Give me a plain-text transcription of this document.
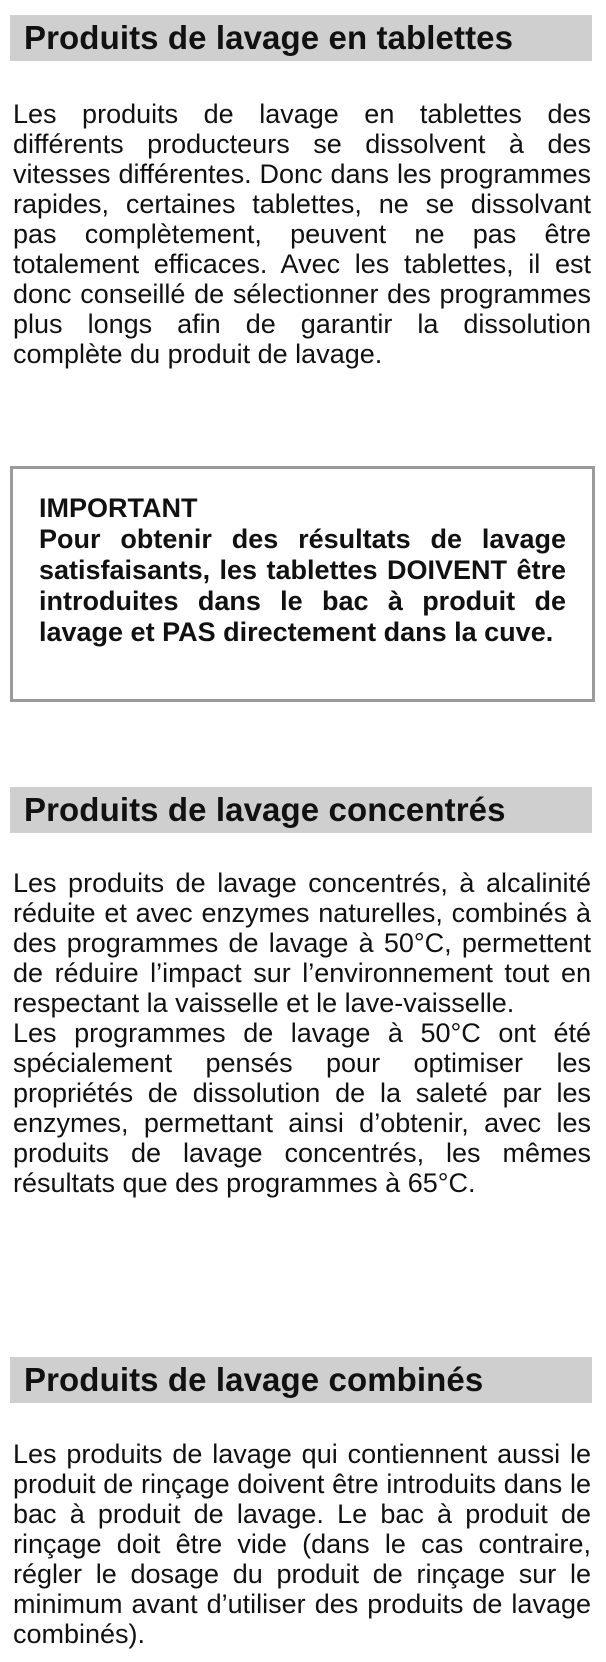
Produits de lavage en tablettes

Les produits de lavage en tablettes des différents producteurs se dissolvent à des vitesses différentes. Donc dans les programmes rapides, certaines tablettes, ne se dissolvant pas complètement, peuvent ne pas être totalement efficaces. Avec les tablettes, il est donc conseillé de sélectionner des programmes plus longs afin de garantir la dissolution complète du produit de lavage.

IMPORTANT

Pour obtenir des résultats de lavage satisfaisants, les tablettes DOIVENT être introduites dans le bac à produit de lavage et PAS directement dans la cuve.

Produits de lavage concentrés

Les produits de lavage concentrés, à alcalinité réduite et avec enzymes naturelles, combinés à des programmes de lavage à 50°C, permettent de réduire l’impact sur l’environnement tout en respectant la vaisselle et le lave-vaisselle.

Les programmes de lavage à 50°C ont été spécialement pensés pour optimiser les propriétés de dissolution de la saleté par les enzymes, permettant ainsi d’obtenir, avec les produits de lavage concentrés, les mêmes résultats que des programmes à 65°C.

Produits de lavage combinés

Les produits de lavage qui contiennent aussi le produit de rinçage doivent être introduits dans le bac à produit de lavage. Le bac à produit de rinçage doit être vide (dans le cas contraire, régler le dosage du produit de rinçage sur le minimum avant d’utiliser des produits de lavage combinés).
